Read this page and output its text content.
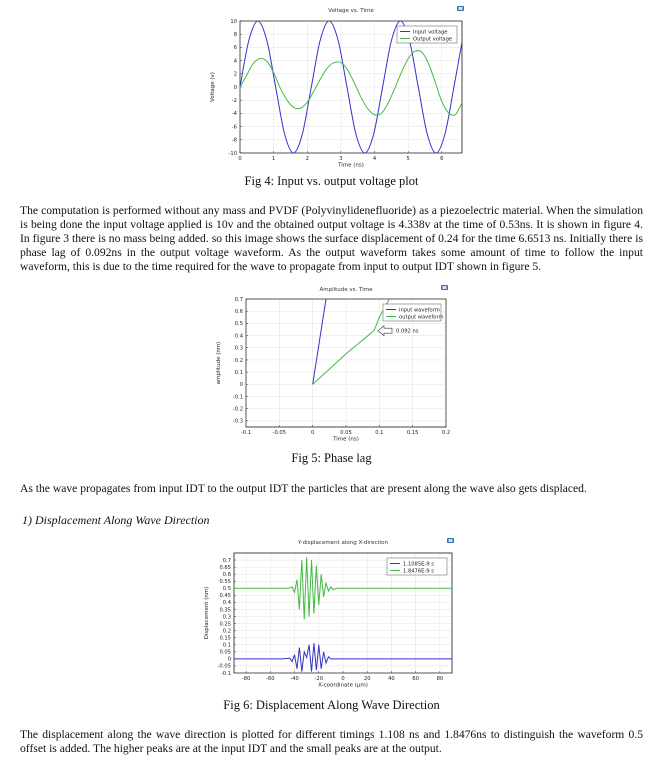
Voltage vs. Time
0	1	2	3	4	5	6
-10
-8
-6
-4
-2
0
2
4
6
8
10
Time (ns)
Voltage (v)
Input voltage
Output voltage
Fig 4: Input vs. output voltage plot

The computation is performed without any mass and PVDF (Polyvinylidenefluoride) as a piezoelectric material. When the simulation is being done the input voltage applied is 10v and the obtained output voltage is 4.338v at the time of 0.53ns. It is shown in figure 4. In figure 3 there is no mass being added. so this image shows the surface displacement of 0.24 for the time 6.6513 ns. Initially there is phase lag of 0.092ns in the output voltage waveform. As the output waveform takes some amount of time to follow the input waveform, this is due to the time required for the wave to propagate from input to output IDT shown in figure 5.

Amplitude vs. Time
-0.1	-0.05	0	0.05	0.1	0.15	0.2
-0.3
-0.2
-0.1
0
0.1
0.2
0.3
0.4
0.5
0.6
0.7
Time (ns)
amplitude (nm)
input waveform
output waveform
0.092 ns
Fig 5: Phase lag

As the wave propagates from input IDT to the output IDT the particles that are present along the wave also gets displaced.

1) Displacement Along Wave Direction
Y-displacement along X-direction
-80	-60	-40	-20	0	20	40	60	80
-0.1
-0.05
0
0.05
0.1
0.15
0.2
0.25
0.3
0.35
0.4
0.45
0.5
0.55
0.6
0.65
0.7
X-coordinate (μm)
Displacement (nm)
1.1085E-9 s
1.8476E-9 s
Fig 6: Displacement Along Wave Direction

The displacement along the wave direction is plotted for different timings 1.108 ns and 1.8476ns to distinguish the waveform 0.5 offset is added. The higher peaks are at the input IDT and the small peaks are at the output.
